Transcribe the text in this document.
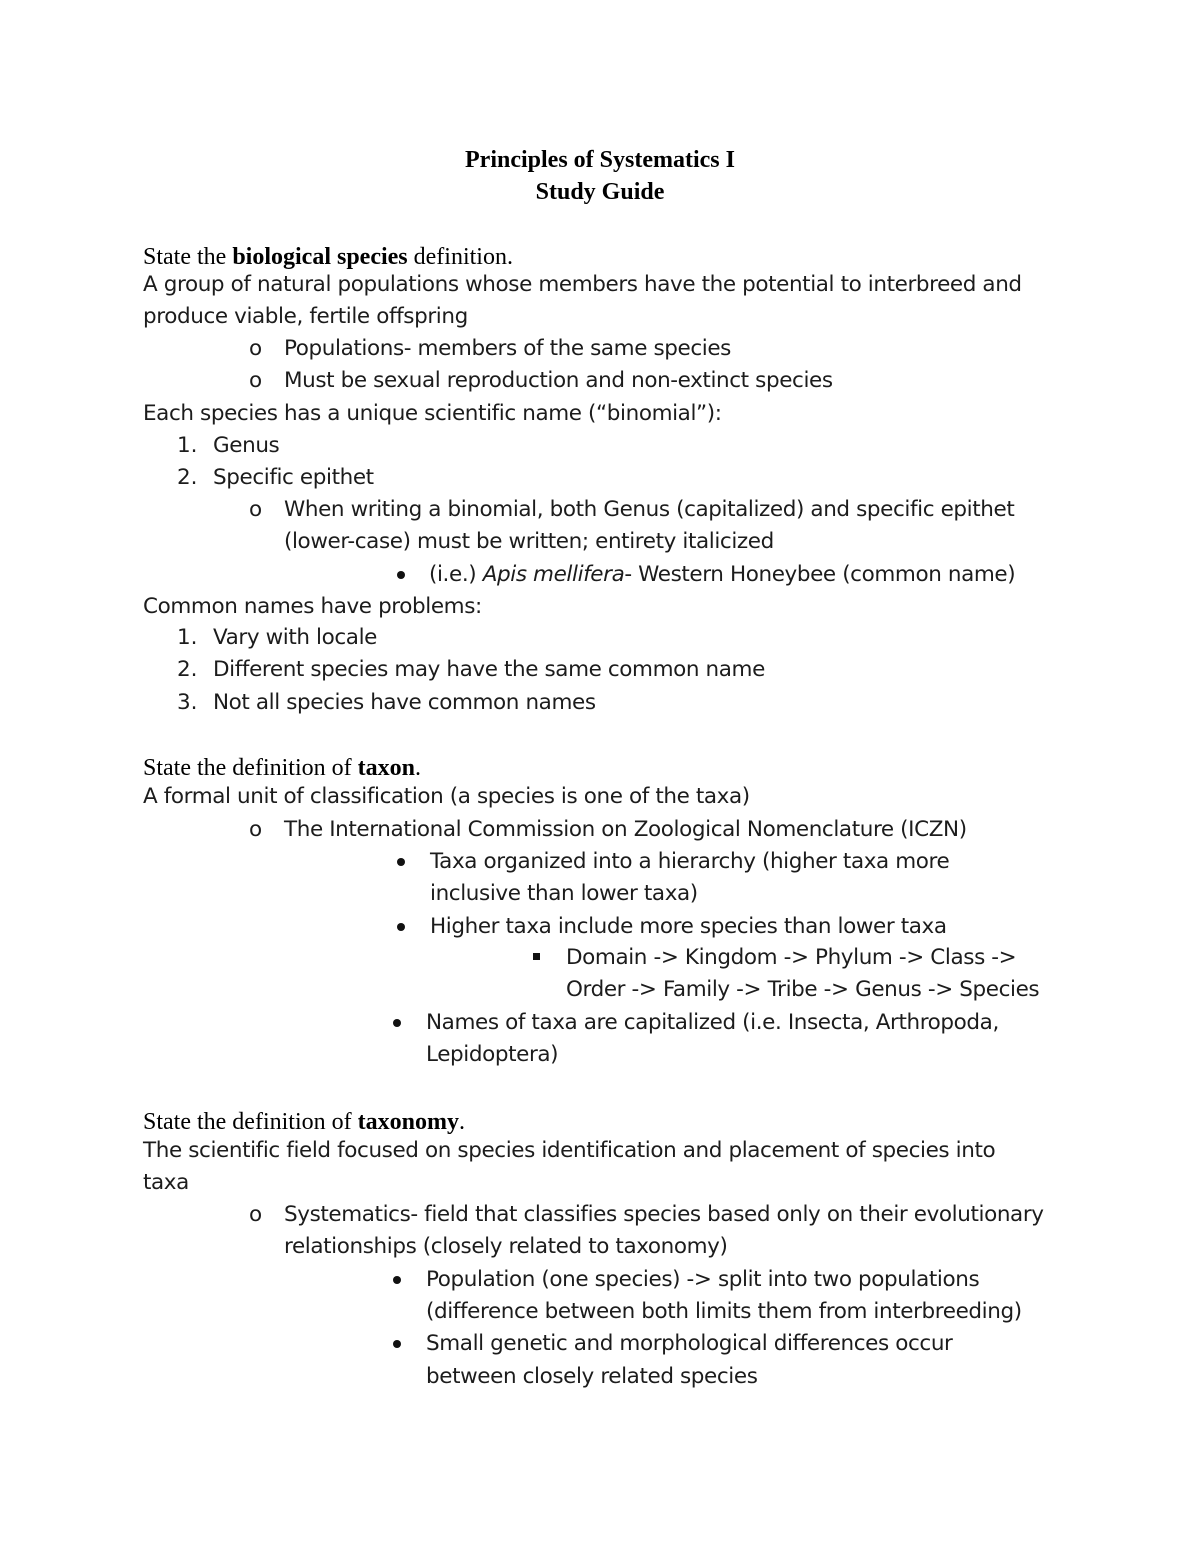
Principles of Systematics I
Study Guide
State the biological species definition.
A group of natural populations whose members have the potential to interbreed and
produce viable, fertile offspring
o Populations- members of the same species
o Must be sexual reproduction and non-extinct species
Each species has a unique scientific name (“binomial”):
1. Genus
2. Specific epithet
o When writing a binomial, both Genus (capitalized) and specific epithet
(lower-case) must be written; entirety italicized
(i.e.) Apis mellifera- Western Honeybee (common name)
Common names have problems:
1. Vary with locale
2. Different species may have the same common name
3. Not all species have common names
State the definition of taxon.
A formal unit of classification (a species is one of the taxa)
o The International Commission on Zoological Nomenclature (ICZN)
Taxa organized into a hierarchy (higher taxa more
inclusive than lower taxa)
Higher taxa include more species than lower taxa
Domain -> Kingdom -> Phylum -> Class ->
Order -> Family -> Tribe -> Genus -> Species
Names of taxa are capitalized (i.e. Insecta, Arthropoda,
Lepidoptera)
State the definition of taxonomy.
The scientific field focused on species identification and placement of species into
taxa
o Systematics- field that classifies species based only on their evolutionary
relationships (closely related to taxonomy)
Population (one species) -> split into two populations
(difference between both limits them from interbreeding)
Small genetic and morphological differences occur
between closely related species
